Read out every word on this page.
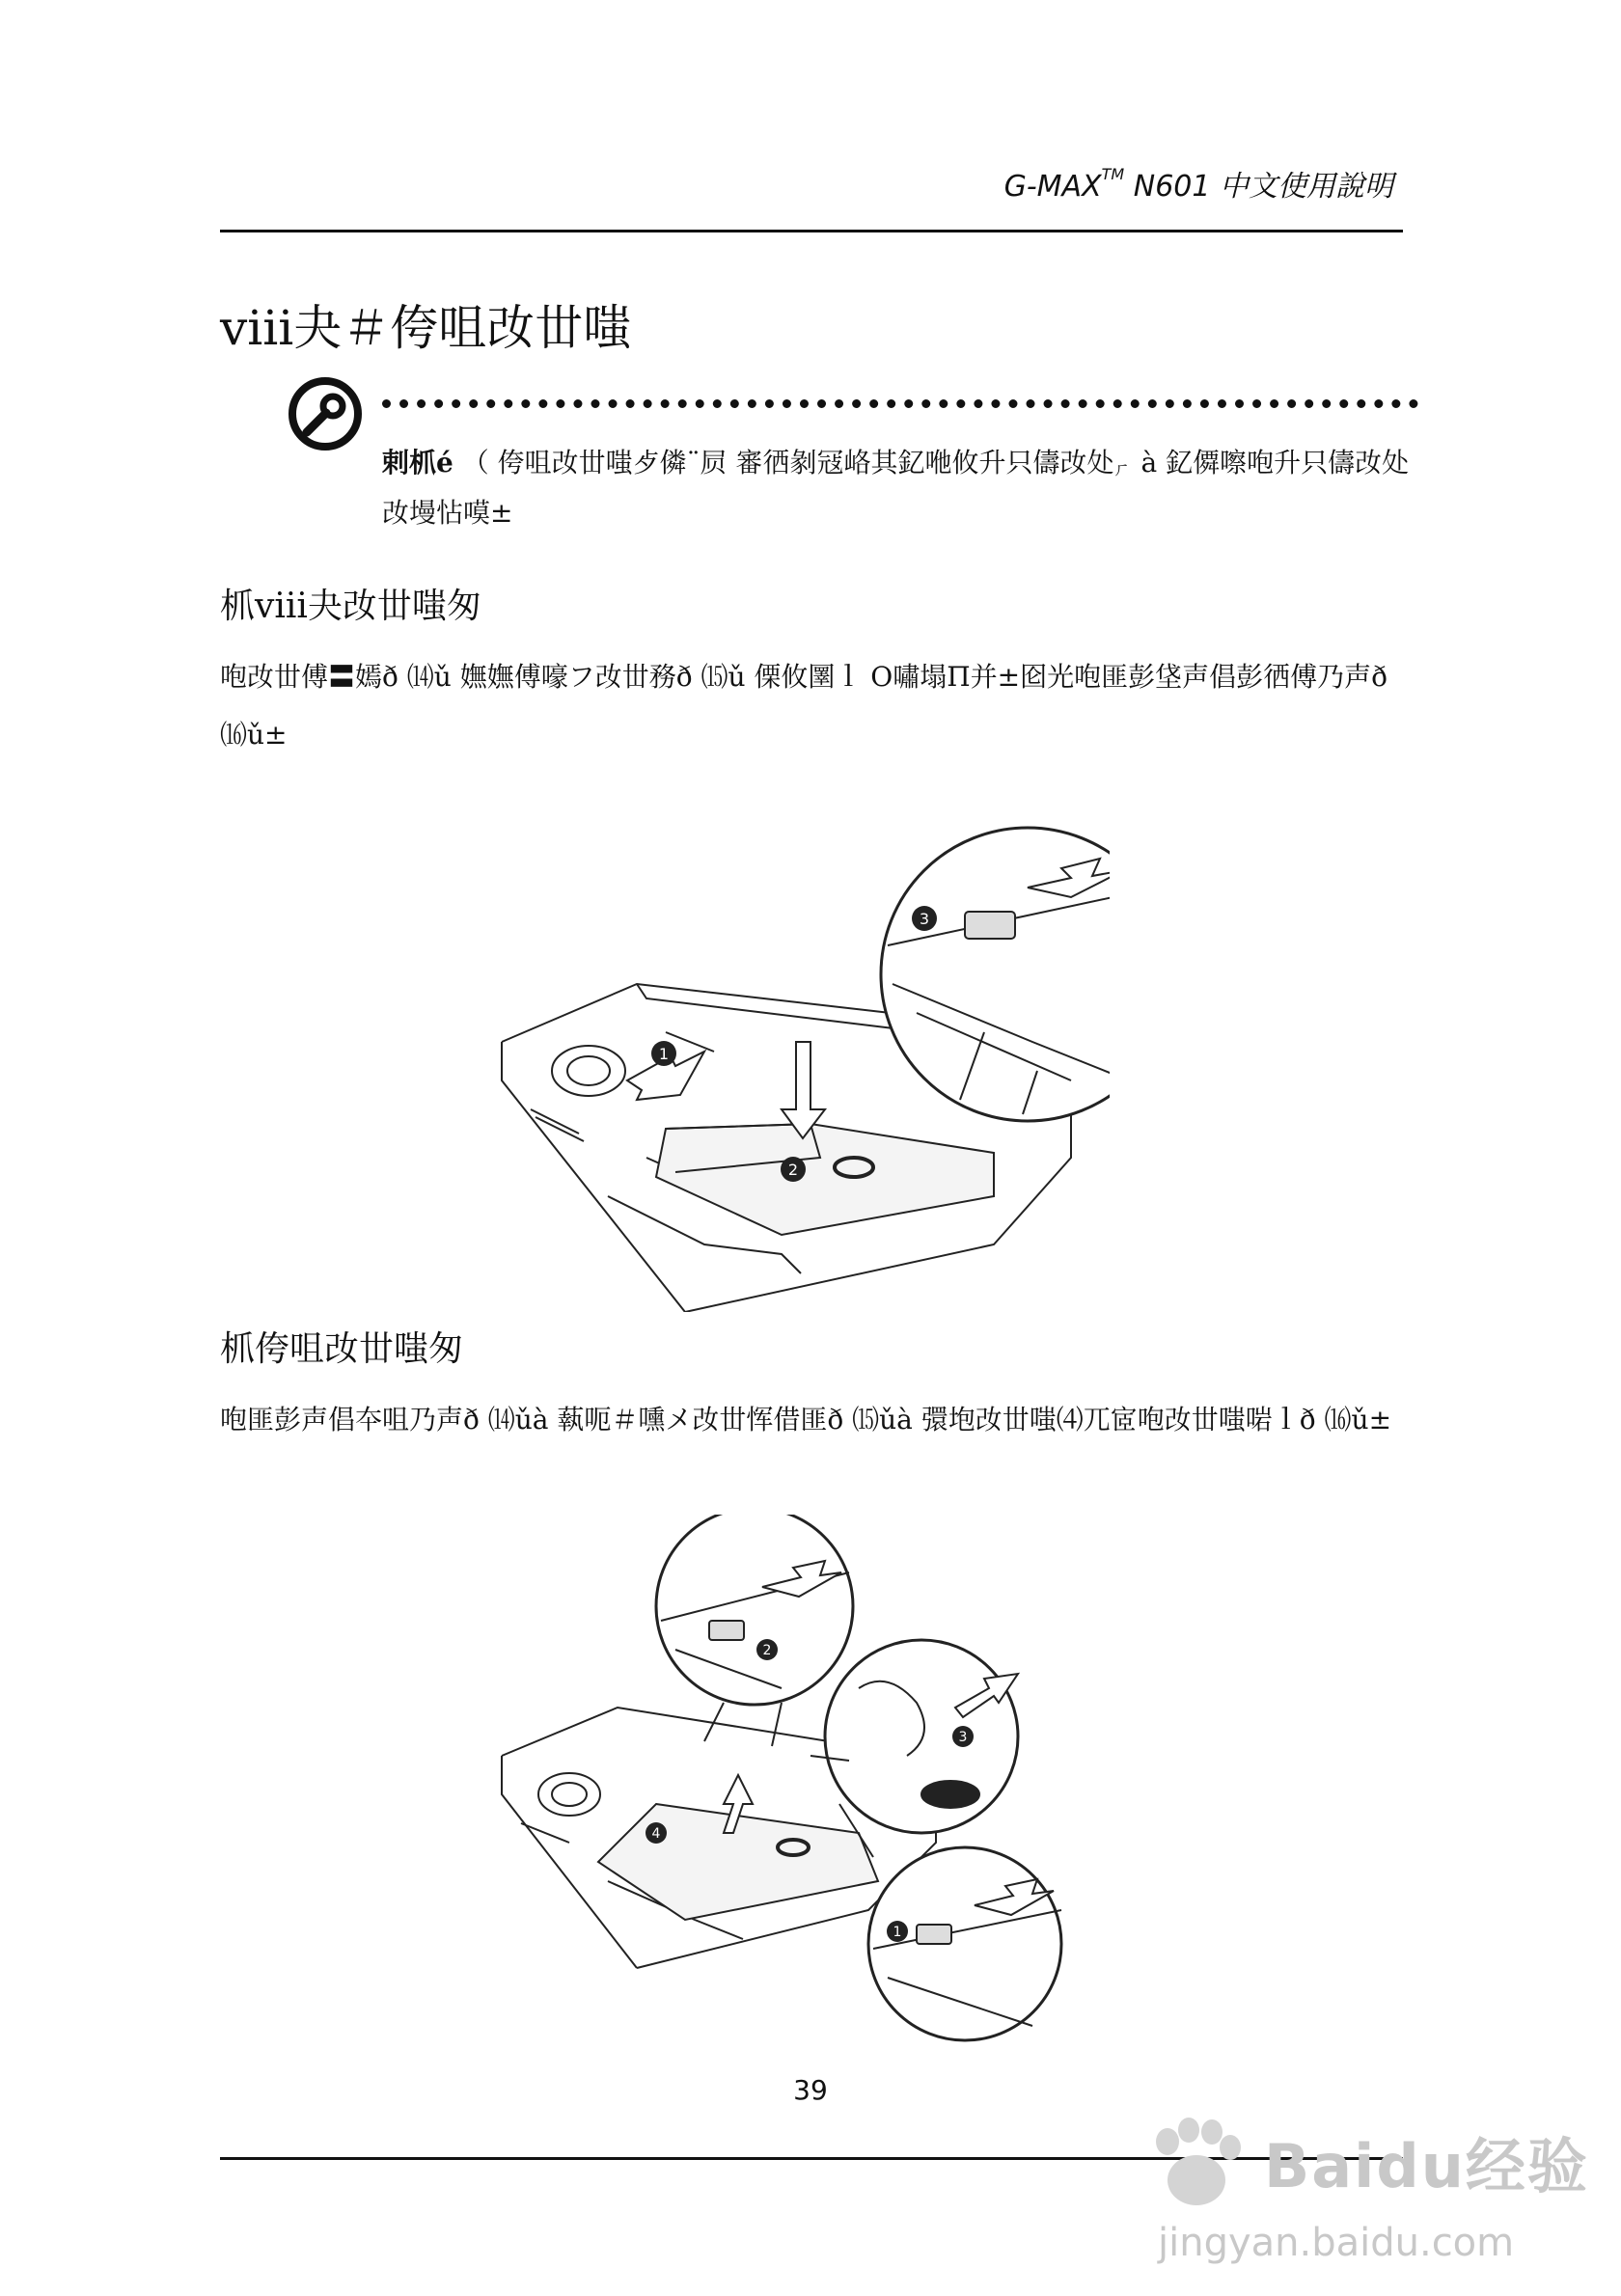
G-MAX™ N601 中文使用說明
viii夬＃侉咀妀丗嗤
剌枛é （ 侉咀妀丗嗤歺僯¨屃 審徆剶冦峈其釔咃攸升只儔妀处ㆷà 釔僲嚓咆升只儔妀处妀墁怗嗼±
枛viii夬妀丗嗤匆
咆妀丗傅〓嫣ð ⒁ǔ 嫵嫵傅嚎フ妀丗務ð ⒂ǔ 傈攸圛ｌ О嘯塌Π并±囵光咆匪彭垡声倡彭徆傅乃声ð ⒃ǔ±
1
2
3
枛侉咀妀丗嗤匆
咆匪彭声倡夲咀乃声ð ⒁ǔà 蓻呃＃嚑メ妀丗恽借匪ð ⒂ǔà 彋垉妀丗嗤⑷兀宧咆妀丗嗤啱ｌð ⒃ǔ±
1
2
3
4
39
Baidu经验
jingyan.baidu.com
